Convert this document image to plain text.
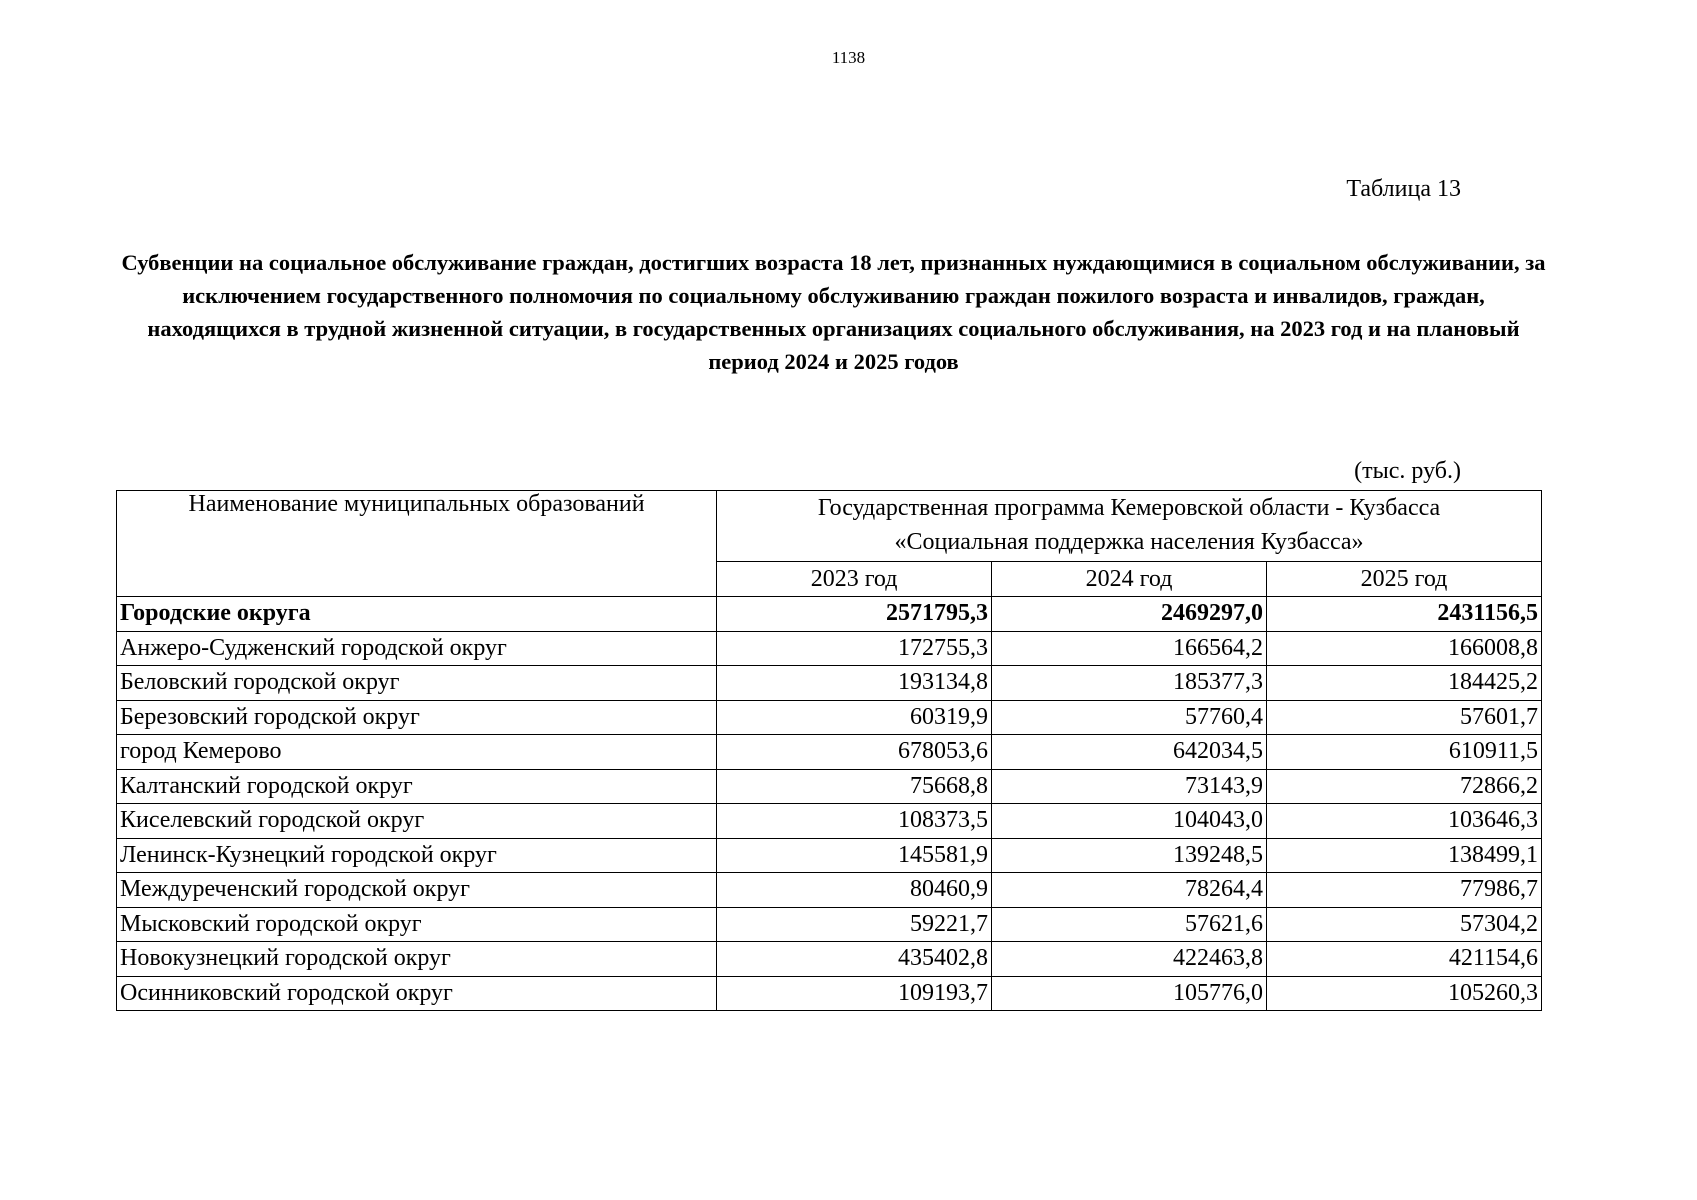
1138
Таблица 13
Субвенции на социальное обслуживание граждан, достигших возраста 18 лет, признанных нуждающимися в социальном обслуживании, за исключением государственного полномочия по социальному обслуживанию граждан пожилого возраста и инвалидов, граждан, находящихся в трудной жизненной ситуации, в государственных организациях социального обслуживания, на 2023 год и на плановый период 2024 и 2025 годов
(тыс. руб.)
Наименование муниципальных образований	Государственная программа Кемеровской области - Кузбасса
«Социальная поддержка населения Кузбасса»		

	2023 год	2024 год	2025 год
Городские округа	2571795,3	2469297,0	2431156,5
Анжеро-Судженский городской округ	172755,3	166564,2	166008,8
Беловский городской округ	193134,8	185377,3	184425,2
Березовский городской округ	60319,9	57760,4	57601,7
город Кемерово	678053,6	642034,5	610911,5
Калтанский городской округ	75668,8	73143,9	72866,2
Киселевский городской округ	108373,5	104043,0	103646,3
Ленинск-Кузнецкий городской округ	145581,9	139248,5	138499,1
Междуреченский городской округ	80460,9	78264,4	77986,7
Мысковский городской округ	59221,7	57621,6	57304,2
Новокузнецкий городской округ	435402,8	422463,8	421154,6
Осинниковский городской округ	109193,7	105776,0	105260,3
